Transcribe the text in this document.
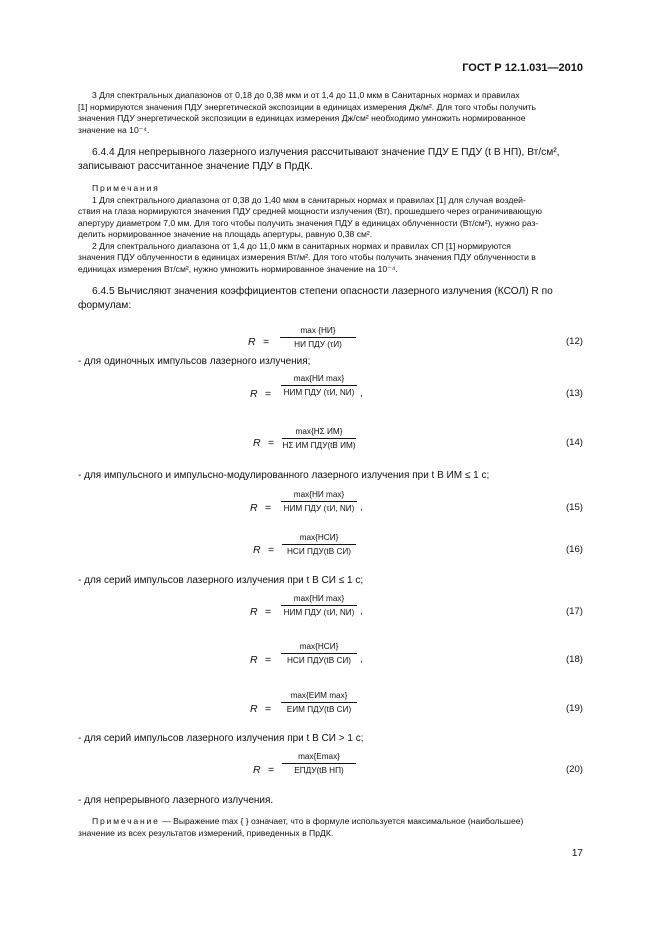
ГОСТ Р 12.1.031—2010
3 Для спектральных диапазонов от 0,18 до 0,38 мкм и от 1,4 до 11,0 мкм в Санитарных нормах и правилах
[1] нормируются значения ПДУ энергетической экспозиции в единицах измерения Дж/м². Для того чтобы получить
значения ПДУ энергетической экспозиции в единицах измерения Дж/см² необходимо умножить нормированное
значение на 10⁻⁴.
6.4.4 Для непрерывного лазерного излучения рассчитывают значение ПДУ E ПДУ (t В НП), Вт/см²,
записывают рассчитанное значение ПДУ в ПрДК.
Примечания
1 Для спектрального диапазона от 0,38 до 1,40 мкм в санитарных нормах и правилах [1] для случая воздей-
ствия на глаза нормируются значения ПДУ средней мощности излучения (Вт), прошедшего через ограничивающую
апертуру диаметром 7,0 мм. Для того чтобы получить значения ПДУ в единицах облученности (Вт/см²), нужно раз-
делить нормированное значение на площадь апертуры, равную 0,38 см².
2 Для спектрального диапазона от 1,4 до 11,0 мкм в санитарных нормах и правилах СП [1] нормируются
значения ПДУ облученности в единицах измерения Вт/м². Для того чтобы получить значения ПДУ облученности в
единицах измерения Вт/см², нужно умножить нормированное значение на 10⁻⁴.
6.4.5 Вычисляют значения коэффициентов степени опасности лазерного излучения (КСОЛ) R по
формулам:
R =
max {HИ}
HИ ПДУ (τИ)	(12)
- для одиночных импульсов лазерного излучения;
R =
max{HИ max}
HИМ ПДУ (τИ, NИ) ,	(13)
R =
max{HΣ ИМ}
HΣ ИМ ПДУ(tВ ИМ)	(14)
- для импульсного и импульсно-модулированного лазерного излучения при t В ИМ ≤ 1 с;
R =
max{HИ max}
HИМ ПДУ (τИ, NИ) ,	(15)
R =
max{HСИ}
HСИ ПДУ(tВ СИ)	(16)
- для серий импульсов лазерного излучения при t В СИ ≤ 1 с;
R =
max{HИ max}
HИМ ПДУ (τИ, NИ) ,	(17)
R =
max{HСИ}
HСИ ПДУ(tВ СИ) ,	(18)
R =
max{EИМ max}
EИМ ПДУ(tВ СИ)	(19)
- для серий импульсов лазерного излучения при t В СИ > 1 с;
R =
max{Emax}
EПДУ(tВ НП)	(20)
- для непрерывного лазерного излучения.
Примечание — Выражение max { } означает, что в формуле используется максимальное (наибольшее)
значение из всех результатов измерений, приведенных в ПрДК.
17
